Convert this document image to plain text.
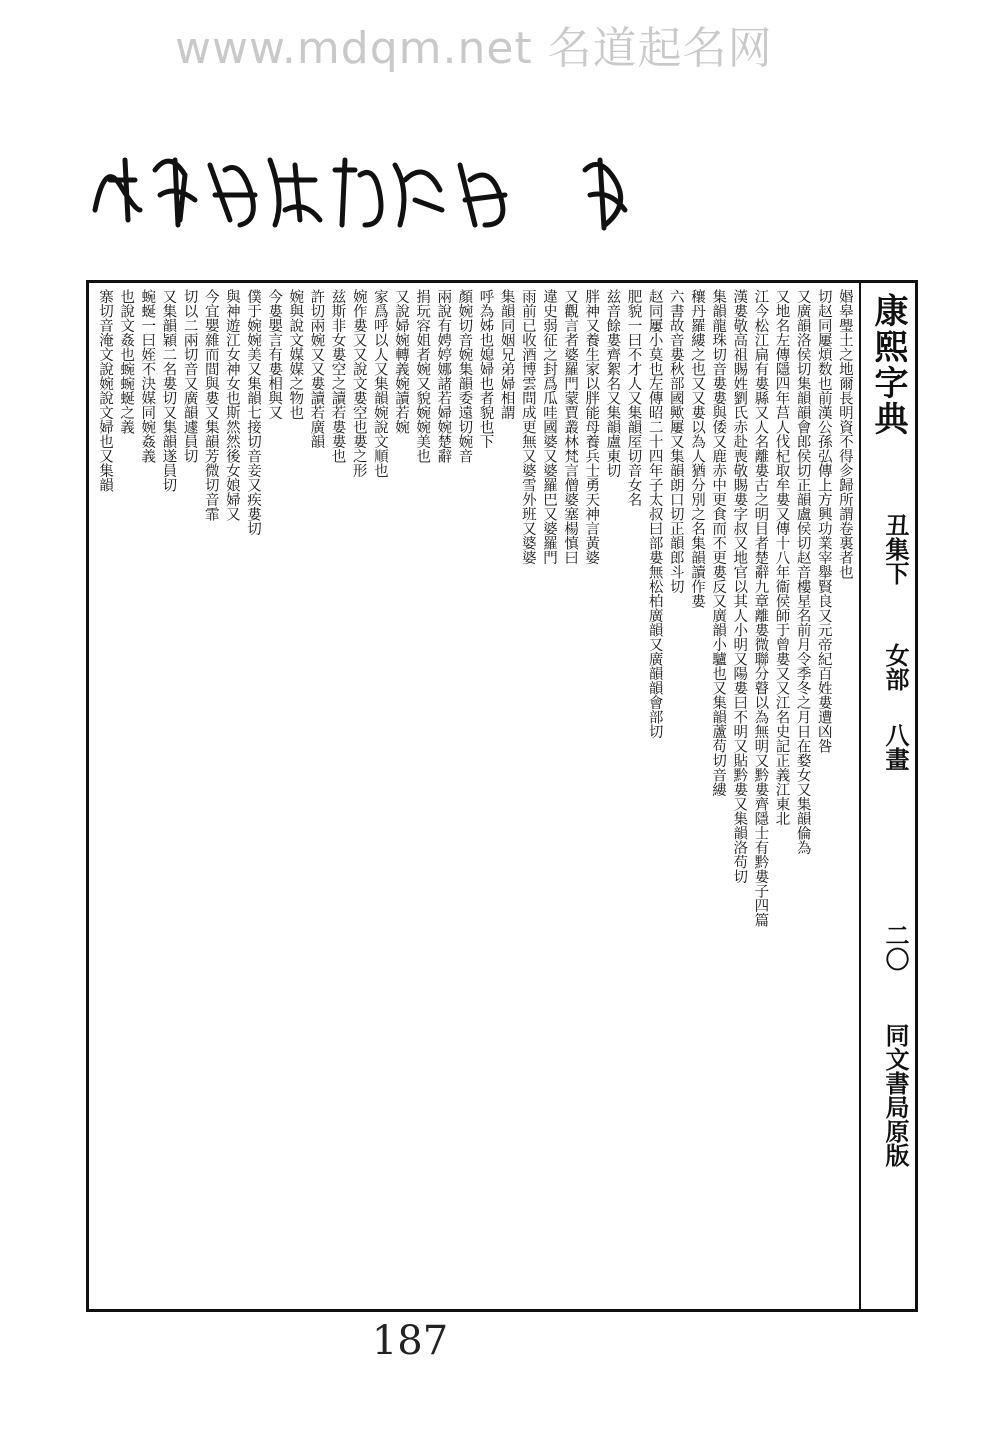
www.mdqm.net 名道起名网
康熙字典
丑集下
女部
八畫
二〇
同文書局原版
㛰皋璺土之地爾長明資不得㐱歸所謂卷裏者也
切赵同屢煩数也前漢公孫弘傳上方興功業宰舉賢良又元帝紀百姓婁遭凶咎
又廣韻洛侯切集韻韻會郎侯切正韻盧侯切赵音樓星名前月令季冬之月日在婺女又集韻倫為
又地名左傳隱四年莒人伐杞取牟婁又傳十八年衞侯師于曾婁又又江名史記正義江東北
江今松江扁有婁縣又人名離婁古之明目者楚辭九章離婁微聯分瞽以為無明又黔婁齊隱士有黔婁子四篇
漢婁敬高祖賜姓劉氏赤赴喪敬賜婁字叔又地官以其人小明又陽婁曰不明又貼黔婁又集韻洛苟切
集韻龍珠切音婁婁與倭又鹿赤中更食而不更婁反又廣韻小驢也又集韻蘆苟切音縷
穰丹羅縷之也又又婁以為人猶分別之名集韻讀作婁
六書故音婁秋部國歟屢又集韻朗口切正韻郎斗切
赵同屢小莫也左傳昭二十四年子太叔曰部婁無松柏廣韻又廣韻韻會部切
肥貌一曰不才人又集韻厔切音女名
兹音餘婁齊絮名又集韻盧東切
胖神又養生家以胖能母養兵士勇天神言黃婆
又觀言者婆羅門蒙賈叢林梵言僧婆塞楊慎曰
違史弱征之封爲瓜哇國婆又婆羅巴又婆羅門
雨前已收酒博雲問成更無又婆雪外班又婆婆
集韻同姻兄弟婦相謂
呼為姊也媳婦也者貌也下
顏婉切音婉集韻委遠切婉音
兩說有娉婷娜諸若婦婉楚辭
捐玩容姐者婉又貌婉婉美也
又說婦婉轉義婉讀若婉
家爲呼以人又集韻婉說文順也
婉作婁又又說文婁空也婁之形
兹斯非女婁空之讀若婁婁也
許切兩婉又又婁讀若廣韻
婉與說文媒媒之物也
今婁嬰言有婁相與又
僕于婉婉美又集韻七接切音妾又疾婁切
與神遊江女神女也斯然然後女娘婦又
今宜嬰雜而間與婁又集韻芳微切音霏
切以二兩切音又廣韻遽員切
又集韻穎二名婁切又集韻遂員切
蜿蜒一曰姪不決媒同婉姦義
也說文姦也蜿蜿蜒之義
寨切音淹文說婉說文婦也又集韻
187
